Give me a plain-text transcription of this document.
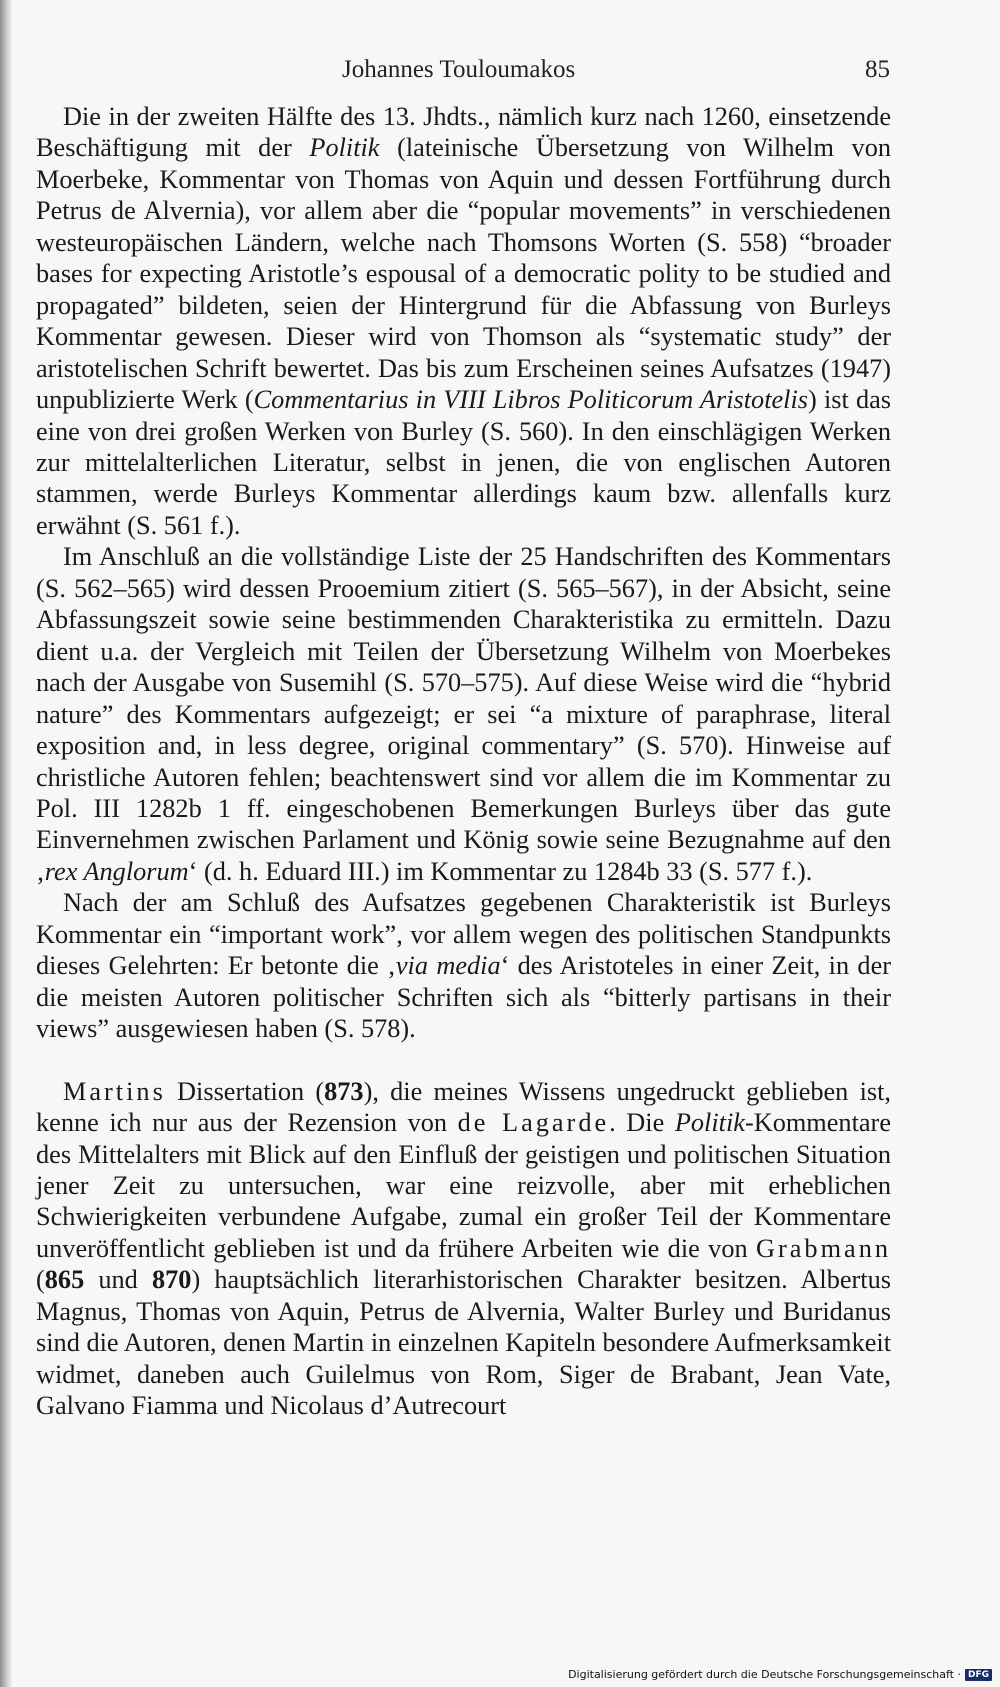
Johannes Touloumakos	85

Die in der zweiten Hälfte des 13. Jhdts., nämlich kurz nach 1260, einsetzende Beschäftigung mit der Politik (lateinische Übersetzung von Wilhelm von Moerbeke, Kommentar von Thomas von Aquin und dessen Fortführung durch Petrus de Alvernia), vor allem aber die “popular movements” in verschiedenen westeuropäischen Ländern, welche nach Thomsons Worten (S. 558) “broader bases for expecting Aristotle’s espousal of a democratic polity to be studied and propagated” bildeten, seien der Hintergrund für die Abfassung von Burleys Kommentar gewesen. Dieser wird von Thomson als “systematic study” der aristotelischen Schrift bewertet. Das bis zum Erscheinen seines Aufsatzes (1947) unpublizierte Werk (Commentarius in VIII Libros Politicorum Aristotelis) ist das eine von drei großen Werken von Burley (S. 560). In den einschlägigen Werken zur mittelalterlichen Literatur, selbst in jenen, die von englischen Autoren stammen, werde Burleys Kommentar allerdings kaum bzw. allenfalls kurz erwähnt (S. 561 f.).

Im Anschluß an die vollständige Liste der 25 Handschriften des Kommentars (S. 562–565) wird dessen Prooemium zitiert (S. 565–567), in der Absicht, seine Abfassungszeit sowie seine bestimmenden Charakteristika zu ermitteln. Dazu dient u.a. der Vergleich mit Teilen der Übersetzung Wilhelm von Moerbekes nach der Ausgabe von Susemihl (S. 570–575). Auf diese Weise wird die “hybrid nature” des Kommentars aufgezeigt; er sei “a mixture of paraphrase, literal exposition and, in less degree, original commentary” (S. 570). Hinweise auf christliche Autoren fehlen; beachtenswert sind vor allem die im Kommentar zu Pol. III 1282b 1 ff. eingeschobenen Bemerkungen Burleys über das gute Einvernehmen zwischen Parlament und König sowie seine Bezugnahme auf den ‚rex Anglorum‘ (d. h. Eduard III.) im Kommentar zu 1284b 33 (S. 577 f.).

Nach der am Schluß des Aufsatzes gegebenen Charakteristik ist Burleys Kommentar ein “important work”, vor allem wegen des politischen Standpunkts dieses Gelehrten: Er betonte die ‚via media‘ des Aristoteles in einer Zeit, in der die meisten Autoren politischer Schriften sich als “bitterly partisans in their views” ausgewiesen haben (S. 578).

Martins Dissertation (873), die meines Wissens ungedruckt geblieben ist, kenne ich nur aus der Rezension von de Lagarde. Die Politik-Kommentare des Mittelalters mit Blick auf den Einfluß der geistigen und politischen Situation jener Zeit zu untersuchen, war eine reizvolle, aber mit erheblichen Schwierigkeiten verbundene Aufgabe, zumal ein großer Teil der Kommentare unveröffentlicht geblieben ist und da frühere Arbeiten wie die von Grabmann (865 und 870) hauptsächlich literarhistorischen Charakter besitzen. Albertus Magnus, Thomas von Aquin, Petrus de Alvernia, Walter Burley und Buridanus sind die Autoren, denen Martin in einzelnen Kapiteln besondere Aufmerksamkeit widmet, daneben auch Guilelmus von Rom, Siger de Brabant, Jean Vate, Galvano Fiamma und Nicolaus d’Autrecourt

Digitalisierung gefördert durch die Deutsche Forschungsgemeinschaft · DFG
